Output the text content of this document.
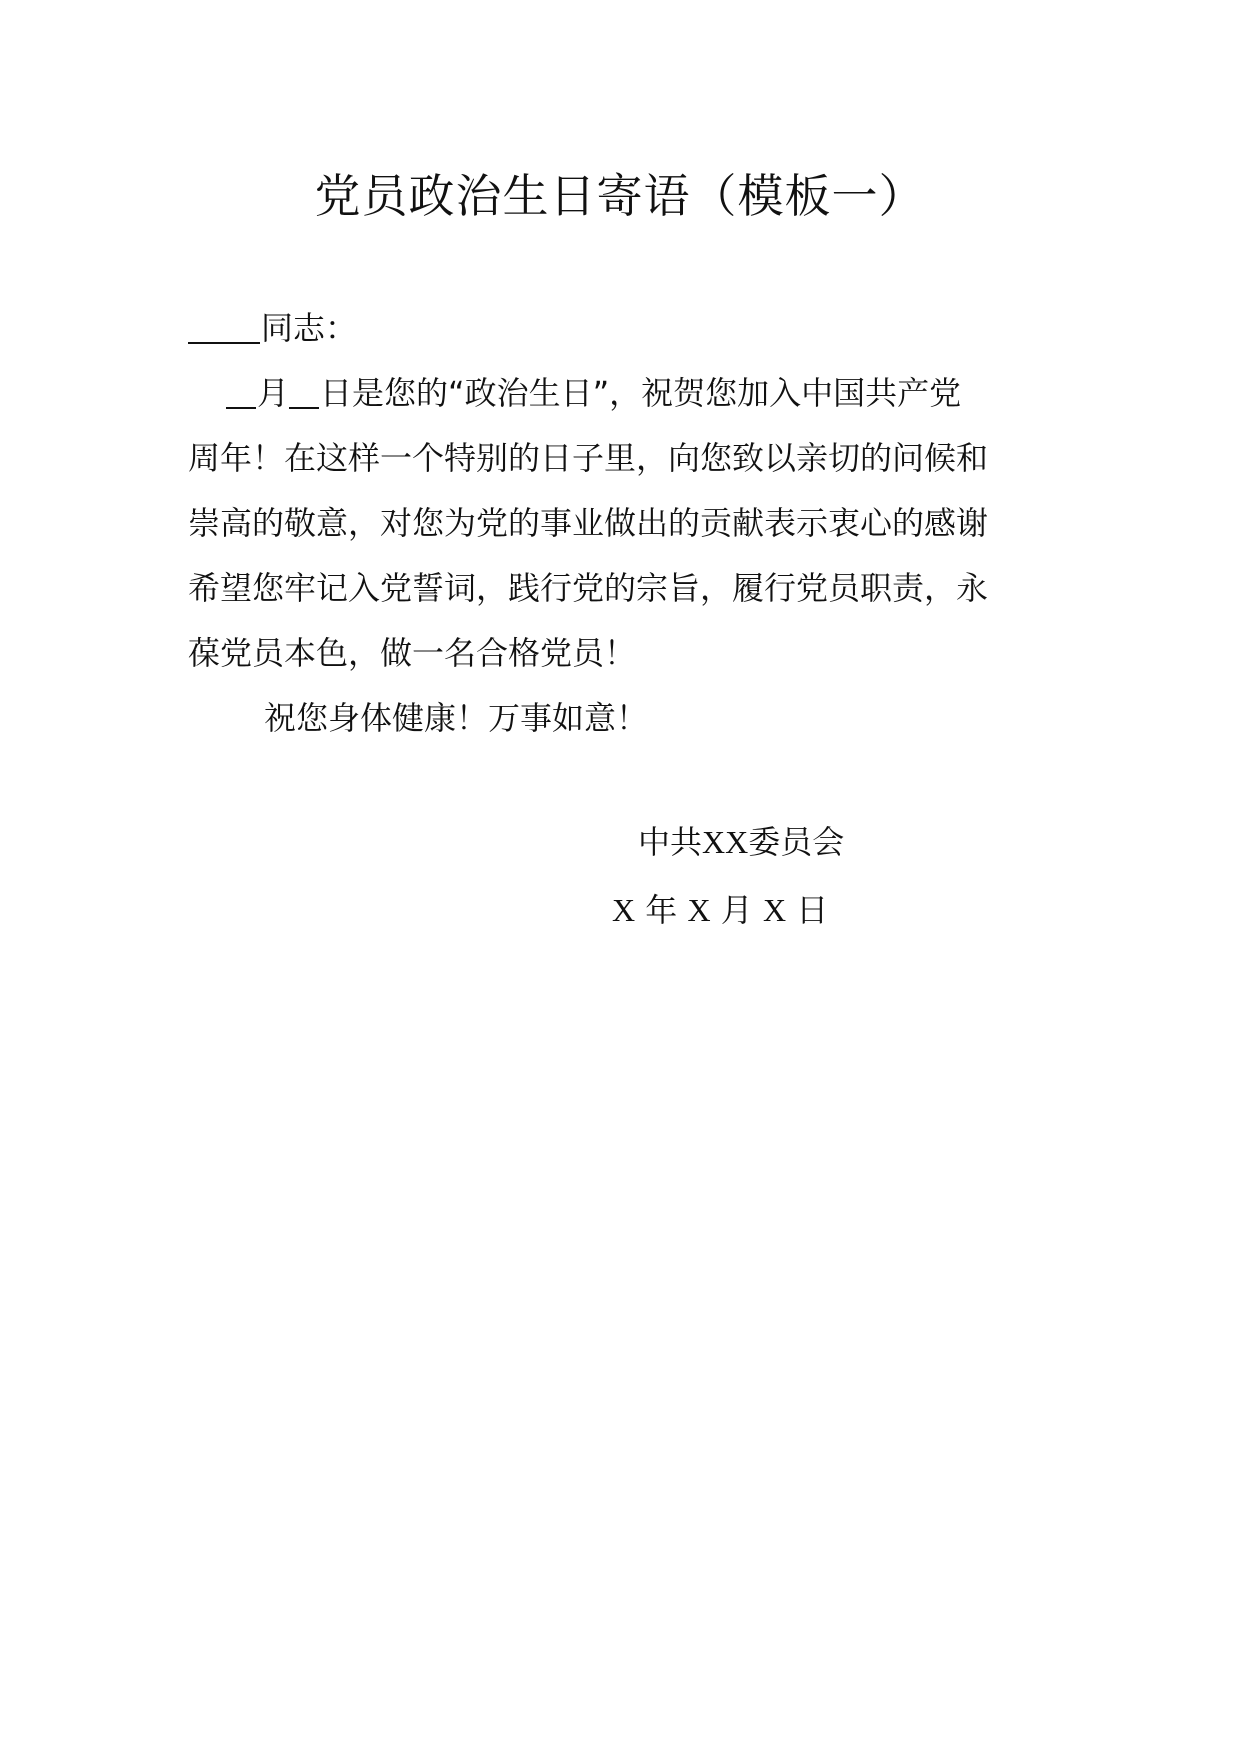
党员政治生日寄语（模板一）
同志：
月 日是您的“政治生日”，祝贺您加入中国共产党
周年！在这样一个特别的日子里，向您致以亲切的问候和
崇高的敬意，对您为党的事业做出的贡献表示衷心的感谢
希望您牢记入党誓词，践行党的宗旨，履行党员职责，永
葆党员本色，做一名合格党员！
祝您身体健康！万事如意！
中共XX委员会
X 年 X 月 X 日
